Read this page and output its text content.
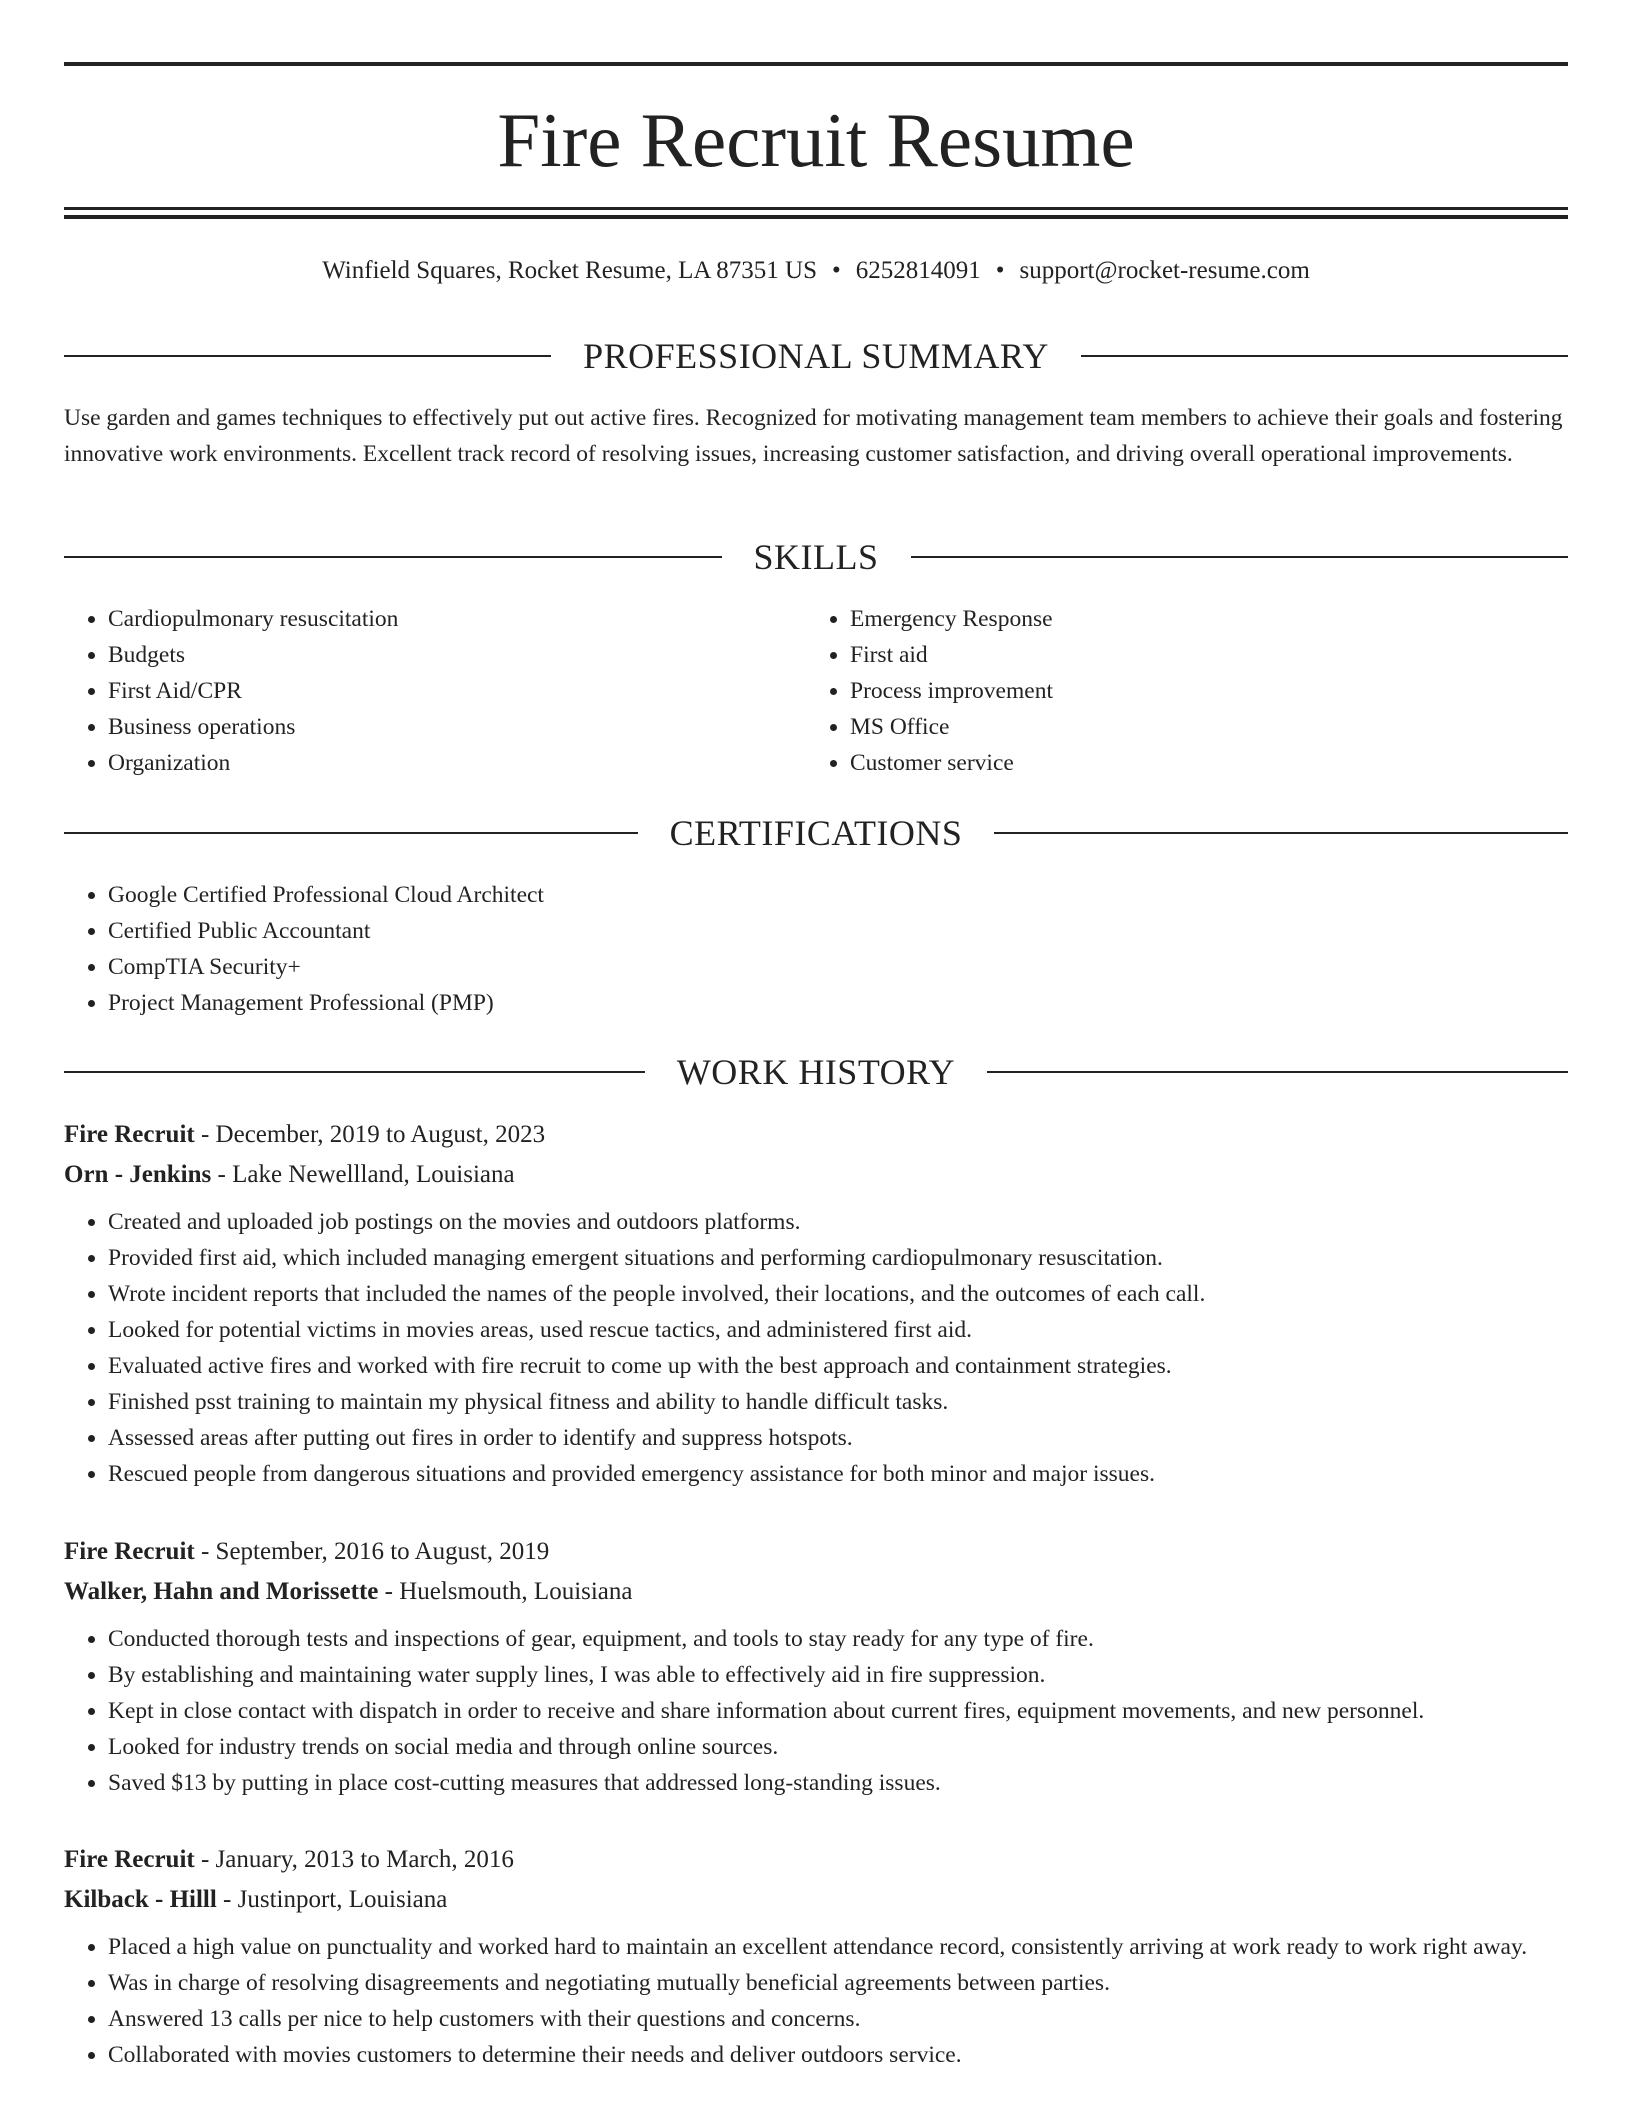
Fire Recruit Resume
Winfield Squares, Rocket Resume, LA 87351 US • 6252814091 • support@rocket-resume.com
PROFESSIONAL SUMMARY

Use garden and games techniques to effectively put out active fires. Recognized for motivating management team members to achieve their goals and fostering innovative work environments. Excellent track record of resolving issues, increasing customer satisfaction, and driving overall operational improvements.

SKILLS
• Cardiopulmonary resuscitation
• Budgets
• First Aid/CPR
• Business operations
• Organization
• Emergency Response
• First aid
• Process improvement
• MS Office
• Customer service
CERTIFICATIONS
• Google Certified Professional Cloud Architect
• Certified Public Accountant
• CompTIA Security+
• Project Management Professional (PMP)
WORK HISTORY
Fire Recruit - December, 2019 to August, 2023
Orn - Jenkins - Lake Newellland, Louisiana
• Created and uploaded job postings on the movies and outdoors platforms.
• Provided first aid, which included managing emergent situations and performing cardiopulmonary resuscitation.
• Wrote incident reports that included the names of the people involved, their locations, and the outcomes of each call.
• Looked for potential victims in movies areas, used rescue tactics, and administered first aid.
• Evaluated active fires and worked with fire recruit to come up with the best approach and containment strategies.
• Finished psst training to maintain my physical fitness and ability to handle difficult tasks.
• Assessed areas after putting out fires in order to identify and suppress hotspots.
• Rescued people from dangerous situations and provided emergency assistance for both minor and major issues.
Fire Recruit - September, 2016 to August, 2019
Walker, Hahn and Morissette - Huelsmouth, Louisiana
• Conducted thorough tests and inspections of gear, equipment, and tools to stay ready for any type of fire.
• By establishing and maintaining water supply lines, I was able to effectively aid in fire suppression.
• Kept in close contact with dispatch in order to receive and share information about current fires, equipment movements, and new personnel.
• Looked for industry trends on social media and through online sources.
• Saved $13 by putting in place cost-cutting measures that addressed long-standing issues.
Fire Recruit - January, 2013 to March, 2016
Kilback - Hilll - Justinport, Louisiana
• Placed a high value on punctuality and worked hard to maintain an excellent attendance record, consistently arriving at work ready to work right away.
• Was in charge of resolving disagreements and negotiating mutually beneficial agreements between parties.
• Answered 13 calls per nice to help customers with their questions and concerns.
• Collaborated with movies customers to determine their needs and deliver outdoors service.
